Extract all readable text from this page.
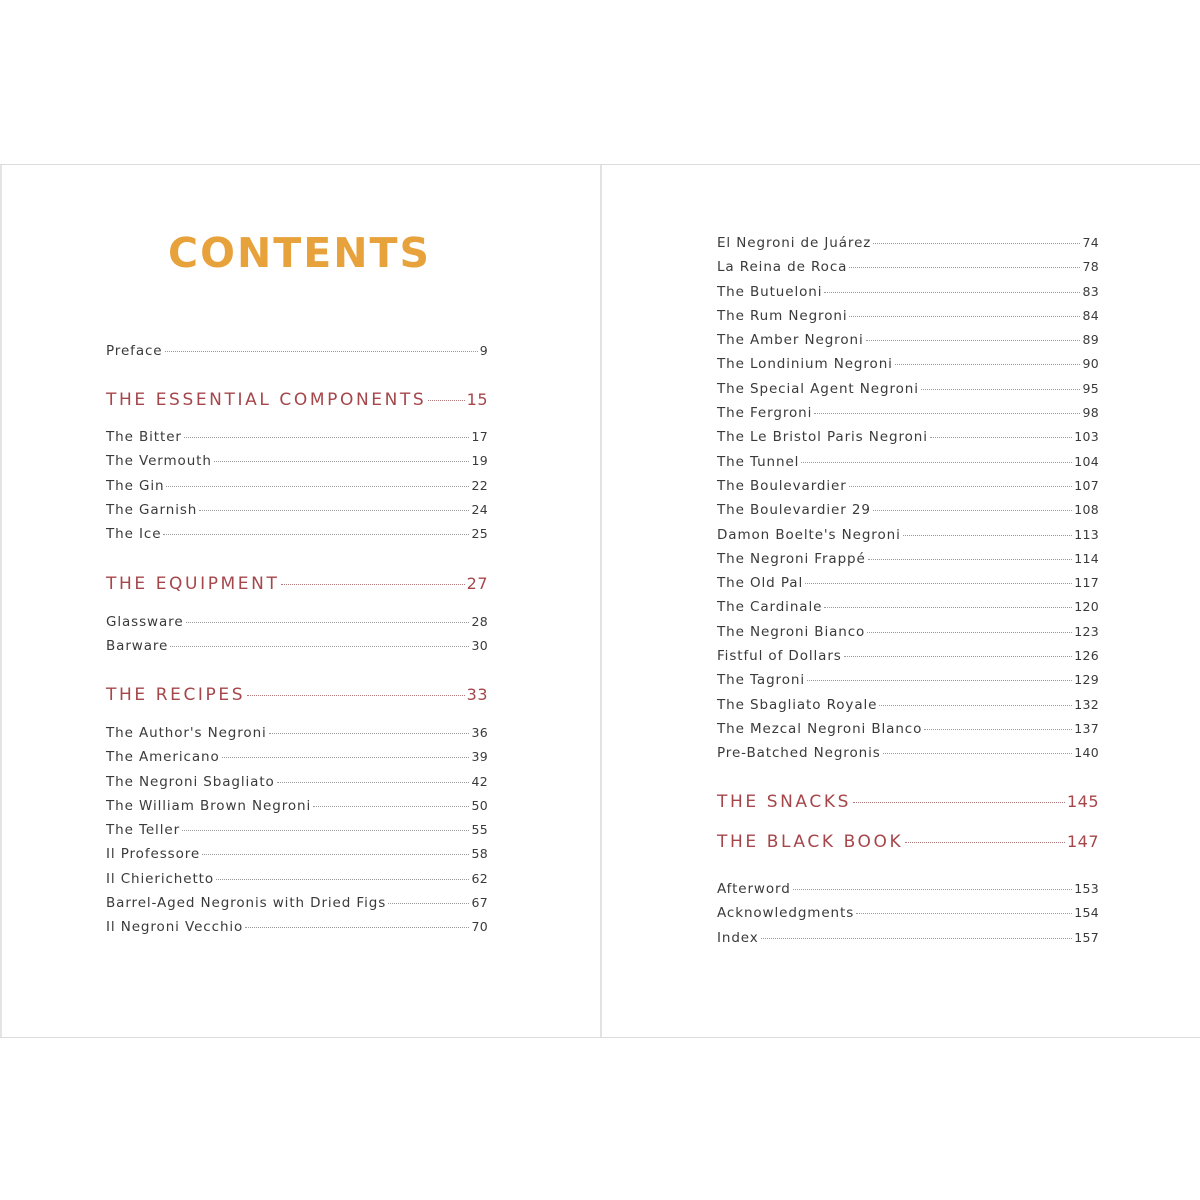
CONTENTS
Preface	9
THE ESSENTIAL COMPONENTS	15
The Bitter	17
The Vermouth	19
The Gin	22
The Garnish	24
The Ice	25
THE EQUIPMENT	27
Glassware	28
Barware	30
THE RECIPES	33
The Author's Negroni	36
The Americano	39
The Negroni Sbagliato	42
The William Brown Negroni	50
The Teller	55
Il Professore	58
Il Chierichetto	62
Barrel-Aged Negronis with Dried Figs	67
Il Negroni Vecchio	70
El Negroni de Juárez	74
La Reina de Roca	78
The Butueloni	83
The Rum Negroni	84
The Amber Negroni	89
The Londinium Negroni	90
The Special Agent Negroni	95
The Fergroni	98
The Le Bristol Paris Negroni	103
The Tunnel	104
The Boulevardier	107
The Boulevardier 29	108
Damon Boelte's Negroni	113
The Negroni Frappé	114
The Old Pal	117
The Cardinale	120
The Negroni Bianco	123
Fistful of Dollars	126
The Tagroni	129
The Sbagliato Royale	132
The Mezcal Negroni Blanco	137
Pre-Batched Negronis	140
THE SNACKS	145
THE BLACK BOOK	147
Afterword	153
Acknowledgments	154
Index	157
